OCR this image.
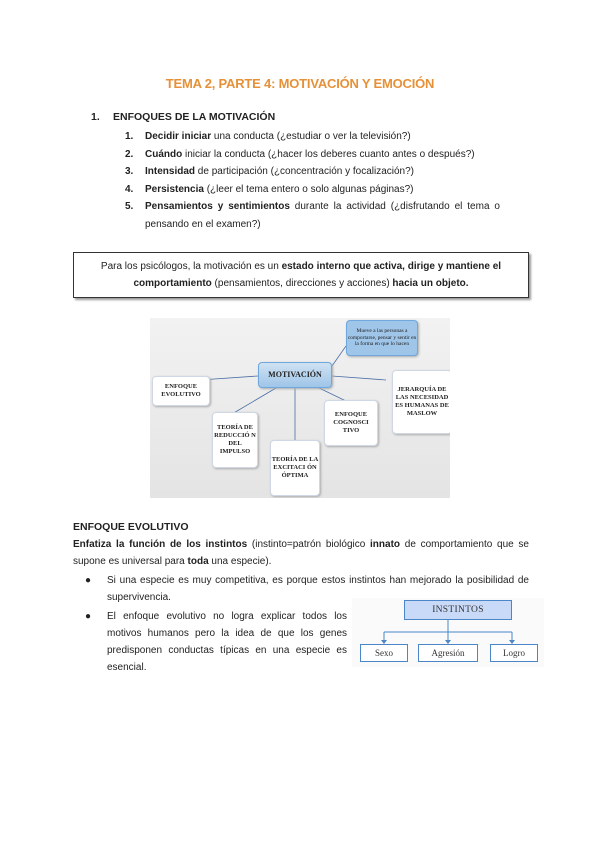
TEMA 2, PARTE 4: MOTIVACIÓN Y EMOCIÓN
1. ENFOQUES DE LA MOTIVACIÓN
1. Decidir iniciar una conducta (¿estudiar o ver la televisión?)
2. Cuándo iniciar la conducta (¿hacer los deberes cuanto antes o después?)
3. Intensidad de participación (¿concentración y focalización?)
4. Persistencia (¿leer el tema entero o solo algunas páginas?)
5. Pensamientos y sentimientos durante la actividad (¿disfrutando el tema o
pensando en el examen?)
Para los psicólogos, la motivación es un estado interno que activa, dirige y mantiene el
comportamiento (pensamientos, direcciones y acciones) hacia un objeto.
Mueve a las personas a comportarse, pensar y sentir en la forma en que lo hacen
MOTIVACIÓN
ENFOQUE EVOLUTIVO
TEORÍA DE REDUCCIÓ N DEL IMPULSO
TEORÍA DE LA EXCITACI ÓN ÓPTIMA
ENFOQUE COGNOSCI TIVO
JERARQUÍA DE LAS NECESIDAD ES HUMANAS DE MASLOW
ENFOQUE EVOLUTIVO
Enfatiza la función de los instintos (instinto=patrón biológico innato de comportamiento que se supone es universal para toda una especie).
●	Si una especie es muy competitiva, es porque estos instintos han mejorado la posibilidad de supervivencia.
●	El enfoque evolutivo no logra explicar todos los motivos humanos pero la idea de que los genes predisponen conductas típicas en una especie es esencial.
INSTINTOS
Sexo	Agresión	Logro
